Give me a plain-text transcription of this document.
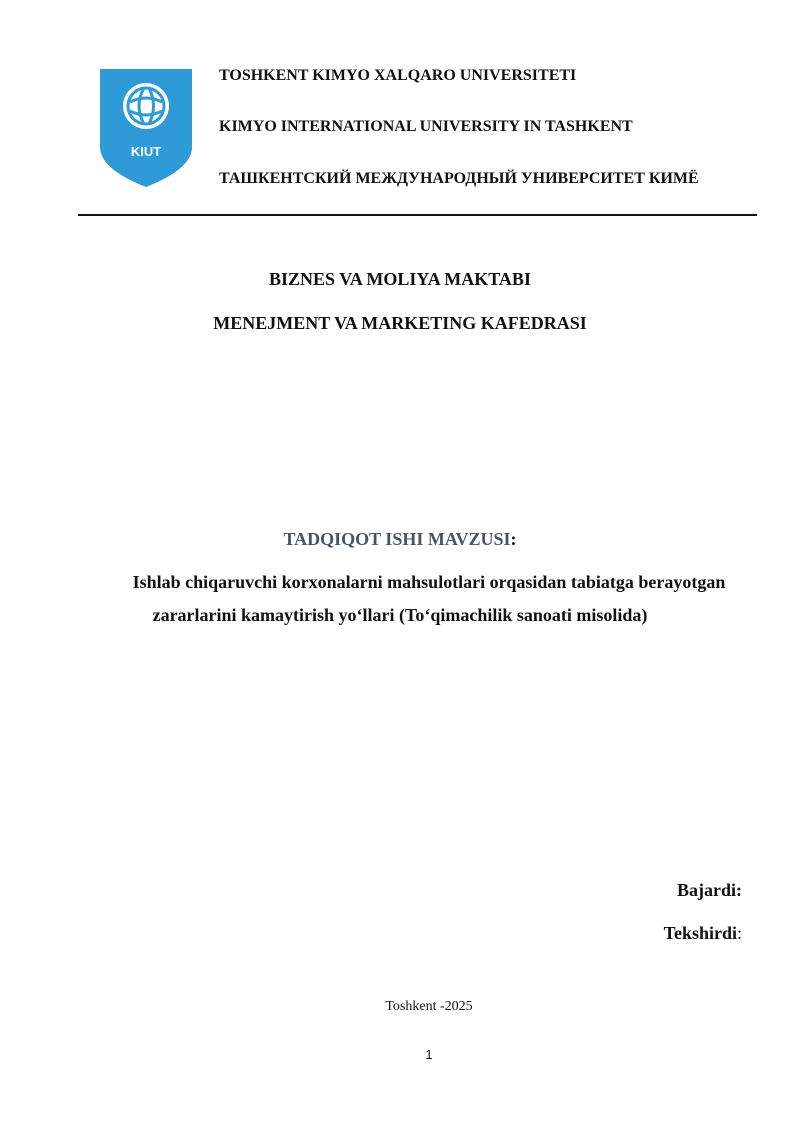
KIUT
TOSHKENT KIMYO XALQARO UNIVERSITETI
KIMYO INTERNATIONAL UNIVERSITY IN TASHKENT
ТАШКЕНТСКИЙ МЕЖДУНАРОДНЫЙ УНИВЕРСИТЕТ КИМЁ
BIZNES VA MOLIYA MAKTABI
MENEJMENT VA MARKETING KAFEDRASI
TADQIQOT ISHI MAVZUSI:
Ishlab chiqaruvchi korxonalarni mahsulotlari orqasidan tabiatga berayotgan
zararlarini kamaytirish yo‘llari (To‘qimachilik sanoati misolida)
Bajardi:
Tekshirdi:
Toshkent -2025
1
